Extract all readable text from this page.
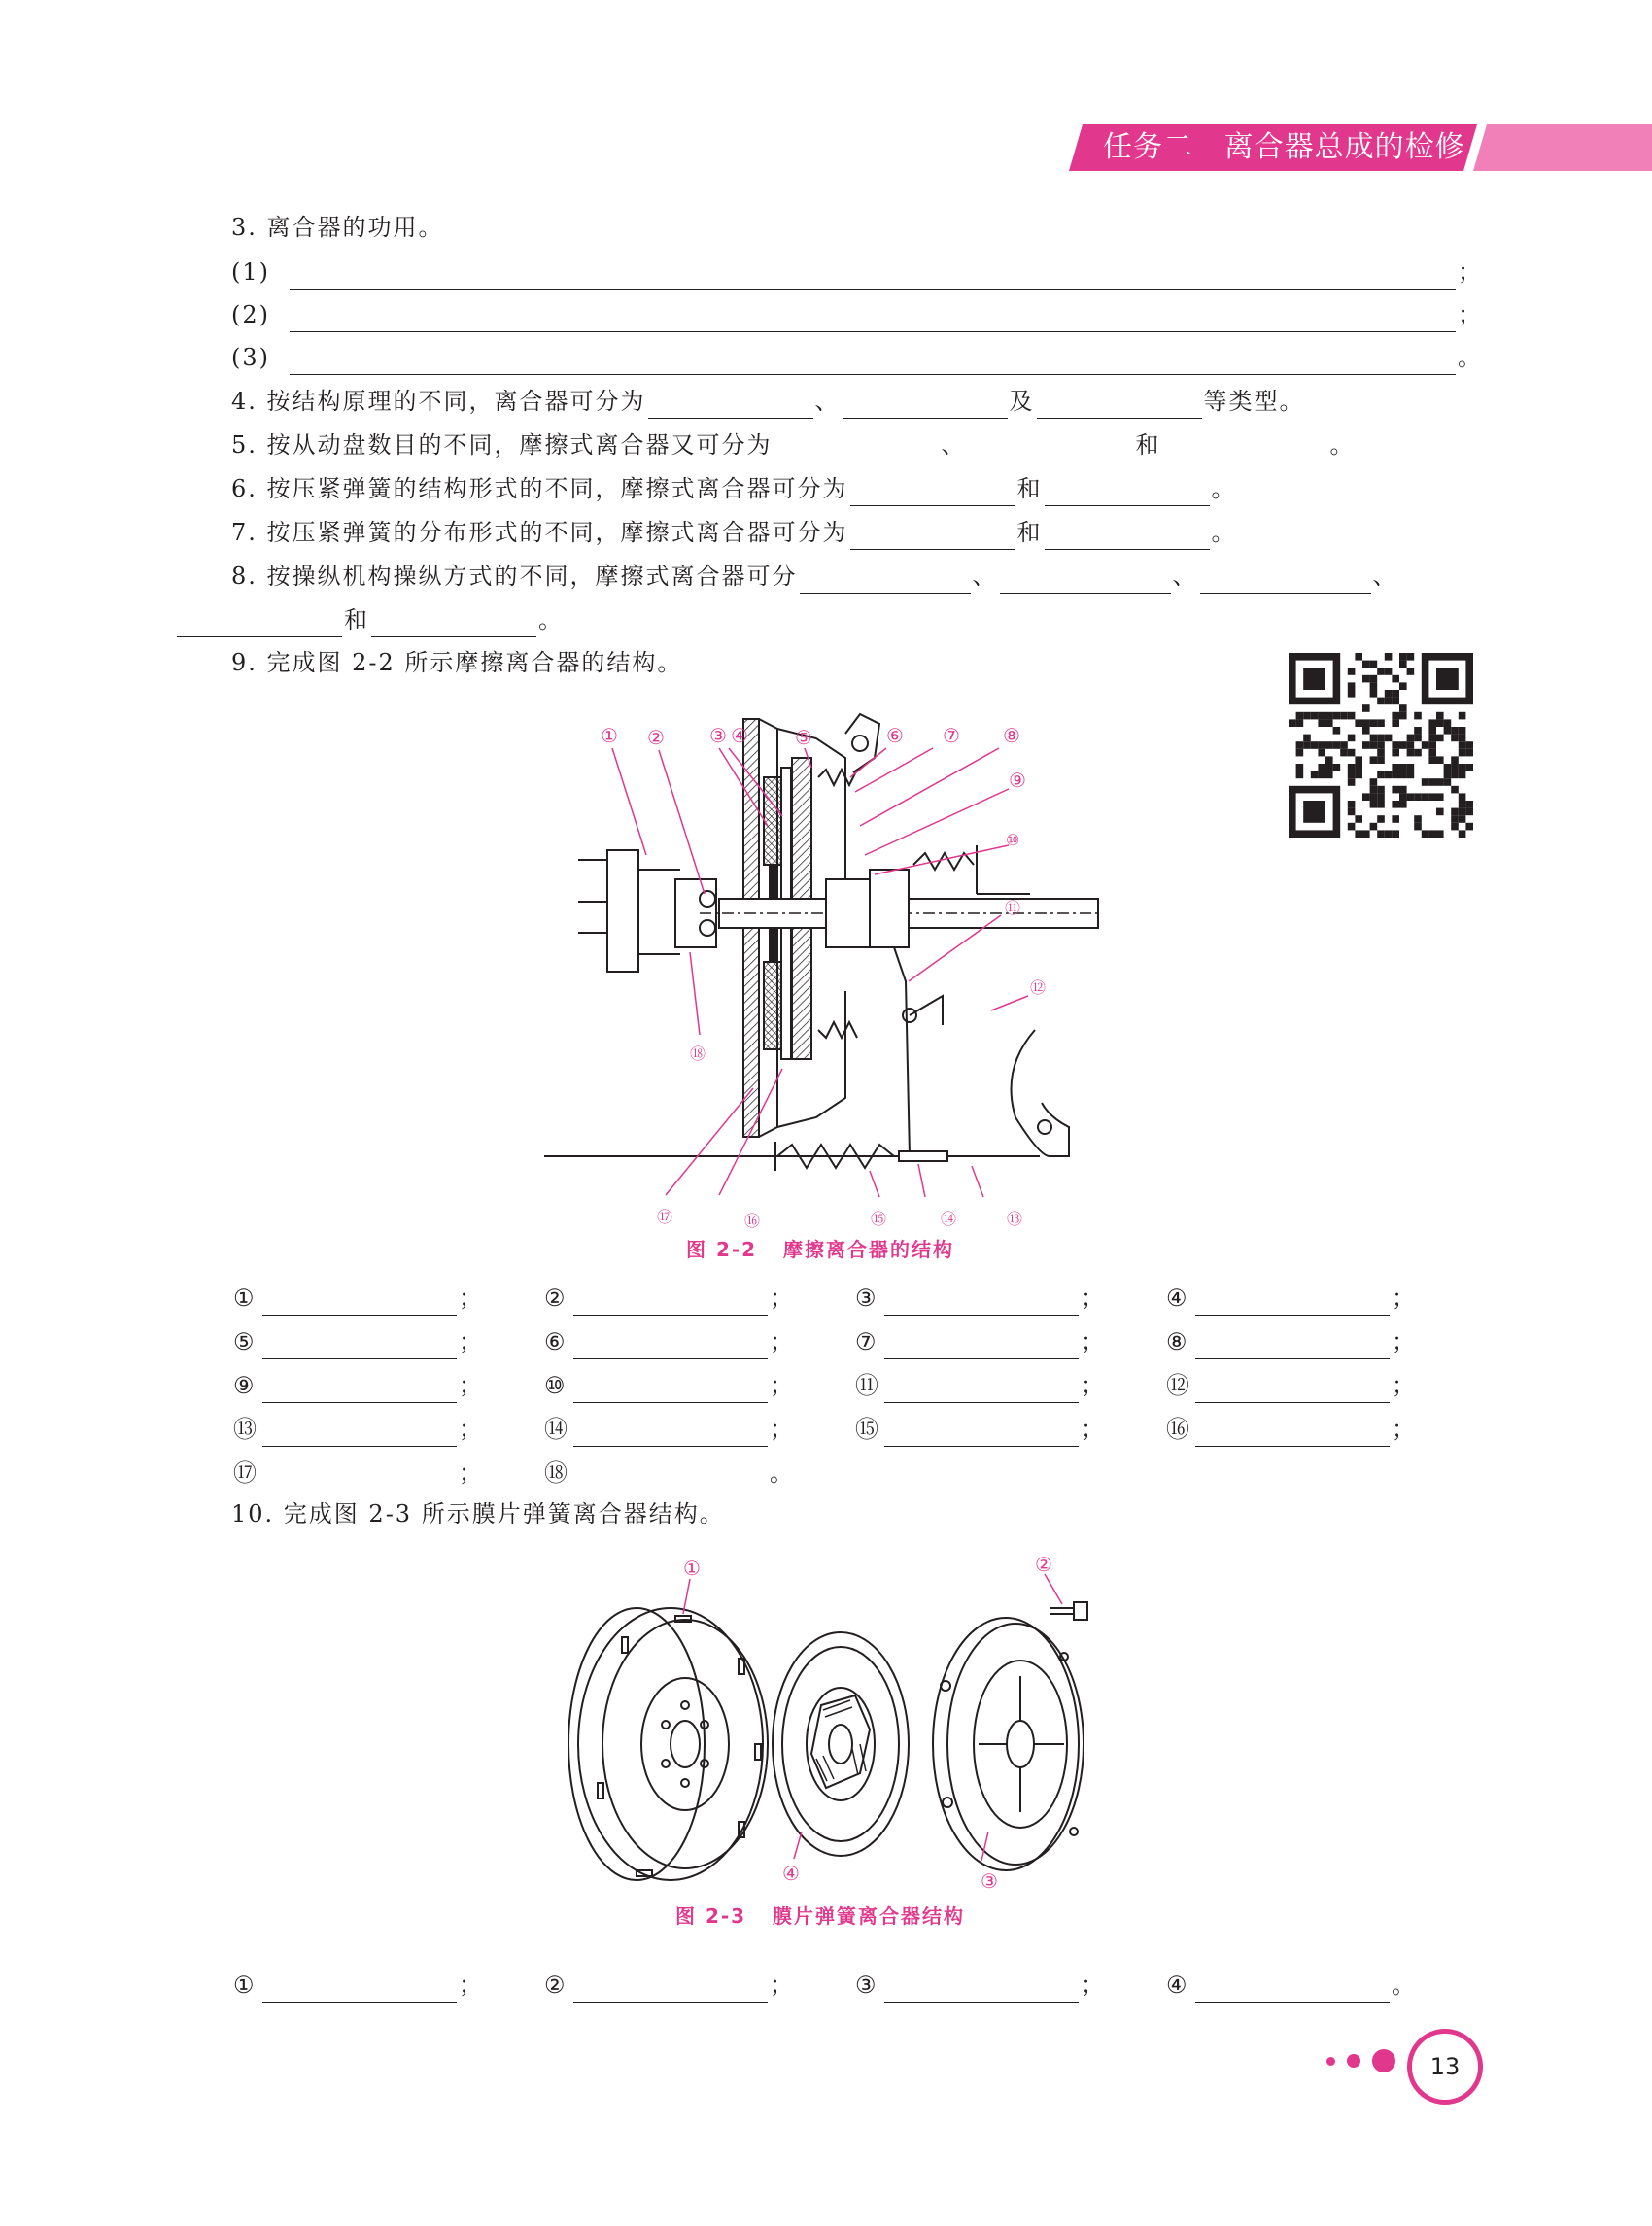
任务二   离合器总成的检修
3. 离合器的功用。
(1)	；
(2)	；
(3)	。
4. 按结构原理的不同，离合器可分为	、	及	等类型。
5. 按从动盘数目的不同，摩擦式离合器又可分为	、	和	。
6. 按压紧弹簧的结构形式的不同，摩擦式离合器可分为	和	。
7. 按压紧弹簧的分布形式的不同，摩擦式离合器可分为	和	。
8. 按操纵机构操纵方式的不同，摩擦式离合器可分	、	、	、
和	。
9. 完成图 2-2 所示摩擦离合器的结构。
① ② ③ ④ ⑤	⑥ ⑦ ⑧
⑨
⑩
⑪
⑫
⑬
⑭
⑮
⑯
⑰
⑱
图 2-2   摩擦离合器的结构
①	；	②	；	③	；	④	；
⑤	；	⑥	；	⑦	；	⑧	；
⑨	；	⑩	；	⑪	；	⑫	；
⑬	；	⑭	；	⑮	；	⑯	；
⑰	；	⑱	。
10. 完成图 2-3 所示膜片弹簧离合器结构。
①	②
③
④
图 2-3   膜片弹簧离合器结构
①	；	②	；	③	；	④	。
13
